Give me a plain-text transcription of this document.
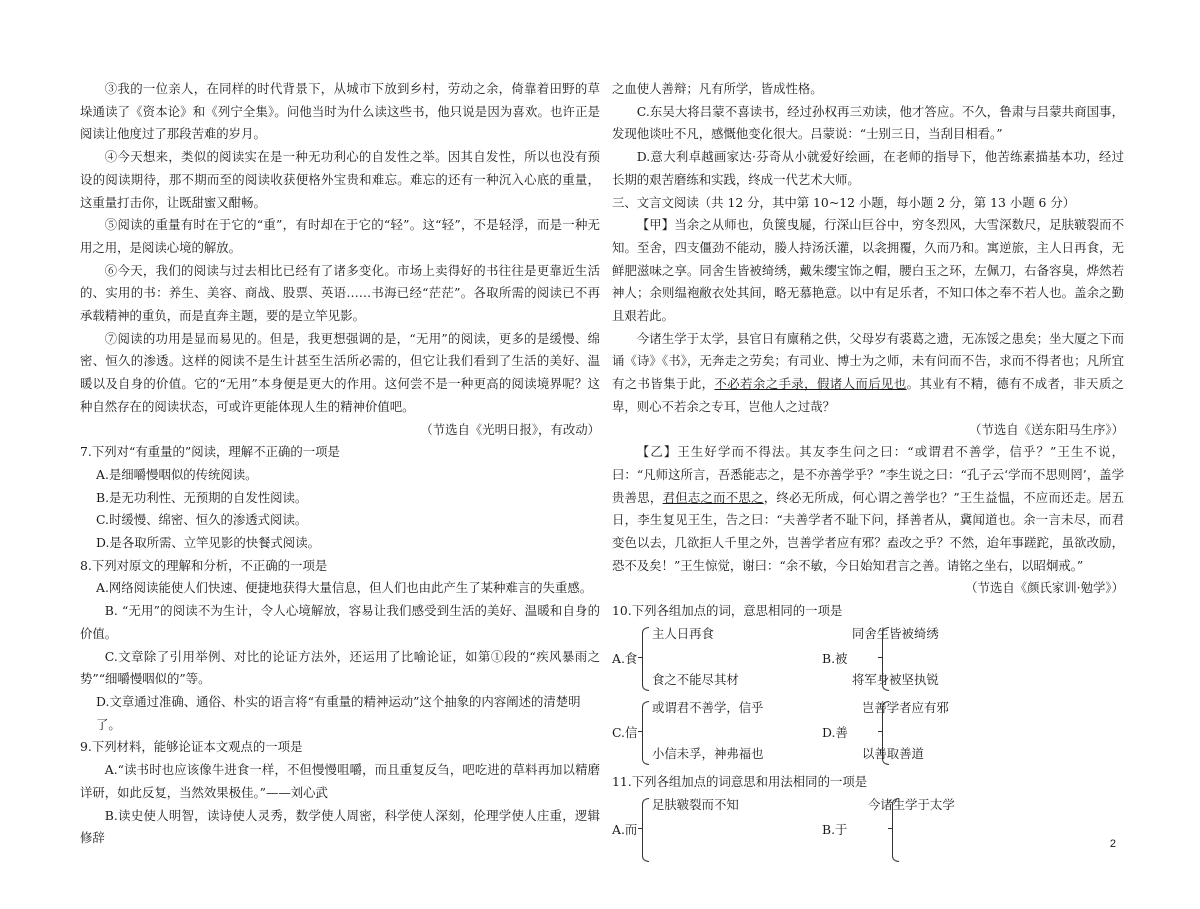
③我的一位亲人，在同样的时代背景下，从城市下放到乡村，劳动之余，倚靠着田野的草垛通读了《资本论》和《列宁全集》。问他当时为什么读这些书，他只说是因为喜欢。也许正是阅读让他度过了那段苦难的岁月。

④今天想来，类似的阅读实在是一种无功利心的自发性之举。因其自发性，所以也没有预设的阅读期待，那不期而至的阅读收获便格外宝贵和难忘。难忘的还有一种沉入心底的重量，这重量打击你，让既甜蜜又酣畅。

⑤阅读的重量有时在于它的“重”，有时却在于它的“轻”。这“轻”，不是轻浮，而是一种无用之用，是阅读心境的解放。

⑥今天，我们的阅读与过去相比已经有了诸多变化。市场上卖得好的书往往是更靠近生活的、实用的书：养生、美容、商战、股票、英语……书海已经“茫茫”。各取所需的阅读已不再承载精神的重负，而是直奔主题，要的是立竿见影。

⑦阅读的功用是显而易见的。但是，我更想强调的是，“无用”的阅读，更多的是缓慢、绵密、恒久的渗透。这样的阅读不是生计甚至生活所必需的，但它让我们看到了生活的美好、温暖以及自身的价值。它的“无用”本身便是更大的作用。这何尝不是一种更高的阅读境界呢？这种自然存在的阅读状态，可或许更能体现人生的精神价值吧。

（节选自《光明日报》，有改动）

7.下列对“有重量的”阅读，理解不正确的一项是

A.是细嚼慢咽似的传统阅读。

B.是无功利性、无预期的自发性阅读。

C.时缓慢、绵密、恒久的渗透式阅读。

D.是各取所需、立竿见影的快餐式阅读。

8.下列对原文的理解和分析，不正确的一项是

A.网络阅读能使人们快速、便捷地获得大量信息，但人们也由此产生了某种难言的失重感。

B. “无用”的阅读不为生计，令人心境解放，容易让我们感受到生活的美好、温暖和自身的价值。

C.文章除了引用举例、对比的论证方法外，还运用了比喻论证，如第①段的“疾风暴雨之势”“细嚼慢咽似的”等。

D.文章通过准确、通俗、朴实的语言将“有重量的精神运动”这个抽象的内容阐述的清楚明了。

9.下列材料，能够论证本文观点的一项是

A.“读书时也应该像牛进食一样，不但慢慢咀嚼，而且重复反刍，吧吃进的草料再加以精磨详研，如此反复，当然效果极佳。”——刘心武

B.读史使人明智，读诗使人灵秀，数学使人周密，科学使人深刻，伦理学使人庄重，逻辑修辞

之血使人善辩；凡有所学，皆成性格。

C.东吴大将吕蒙不喜读书，经过孙权再三劝读，他才答应。不久，鲁肃与吕蒙共商国事，发现他谈吐不凡，感慨他变化很大。吕蒙说：“士别三日，当刮目相看。”

D.意大利卓越画家达·芬奇从小就爱好绘画，在老师的指导下，他苦练素描基本功，经过长期的艰苦磨练和实践，终成一代艺术大师。

三、文言文阅读（共 12 分，其中第 10~12 小题，每小题 2 分，第 13 小题 6 分）

【甲】当余之从师也，负箧曳屣，行深山巨谷中，穷冬烈风，大雪深数尺，足肤皲裂而不知。至舍，四支僵劲不能动，媵人持汤沃灌，以衾拥覆，久而乃和。寓逆旅，主人日再食，无鲜肥滋味之享。同舍生皆被绮绣，戴朱缨宝饰之帽，腰白玉之环，左佩刀，右备容臭，烨然若神人；余则缊袍敝衣处其间，略无慕艳意。以中有足乐者，不知口体之奉不若人也。盖余之勤且艰若此。

今诸生学于太学，县官日有廪稍之供，父母岁有裘葛之遗，无冻馁之患矣；坐大厦之下而诵《诗》《书》，无奔走之劳矣；有司业、博士为之师，未有问而不告，求而不得者也；凡所宜有之书皆集于此，不必若余之手录，假诸人而后见也。其业有不精，德有不成者，非天质之卑，则心不若余之专耳，岂他人之过哉？

（节选自《送东阳马生序》）

【乙】王生好学而不得法。其友李生问之曰：“或谓君不善学，信乎？”王生不说，曰：“凡师这所言，吾悉能志之，是不亦善学乎？”李生说之曰：“孔子云‘学而不思则罔’，盖学贵善思，君但志之而不思之，终必无所成，何心谓之善学也？”王生益愠，不应而还走。居五日，李生复见王生，告之曰：“夫善学者不耻下问，择善者从，冀闻道也。余一言未尽，而君变色以去，几欲拒人千里之外，岂善学者应有邪？盍改之乎？不然，迨年事蹉跎，虽欲改励，恐不及矣！”王生惊觉，谢曰：“余不敏，今日始知君言之善。请铭之坐右，以昭炯戒。”

（节选自《颜氏家训·勉学》）

10.下列各组加点的词，意思相同的一项是

A.食
主人日再食
食之不能尽其材
B.被
同舍生皆被绮绣
将军身被坚执锐
C.信
或谓君不善学，信乎
小信未孚，神弗福也
D.善
岂善学者应有邪
以善取善道

11.下列各组加点的词意思和用法相同的一项是

A.而
足肤皲裂而不知
B.于
今诸生学于太学
2
